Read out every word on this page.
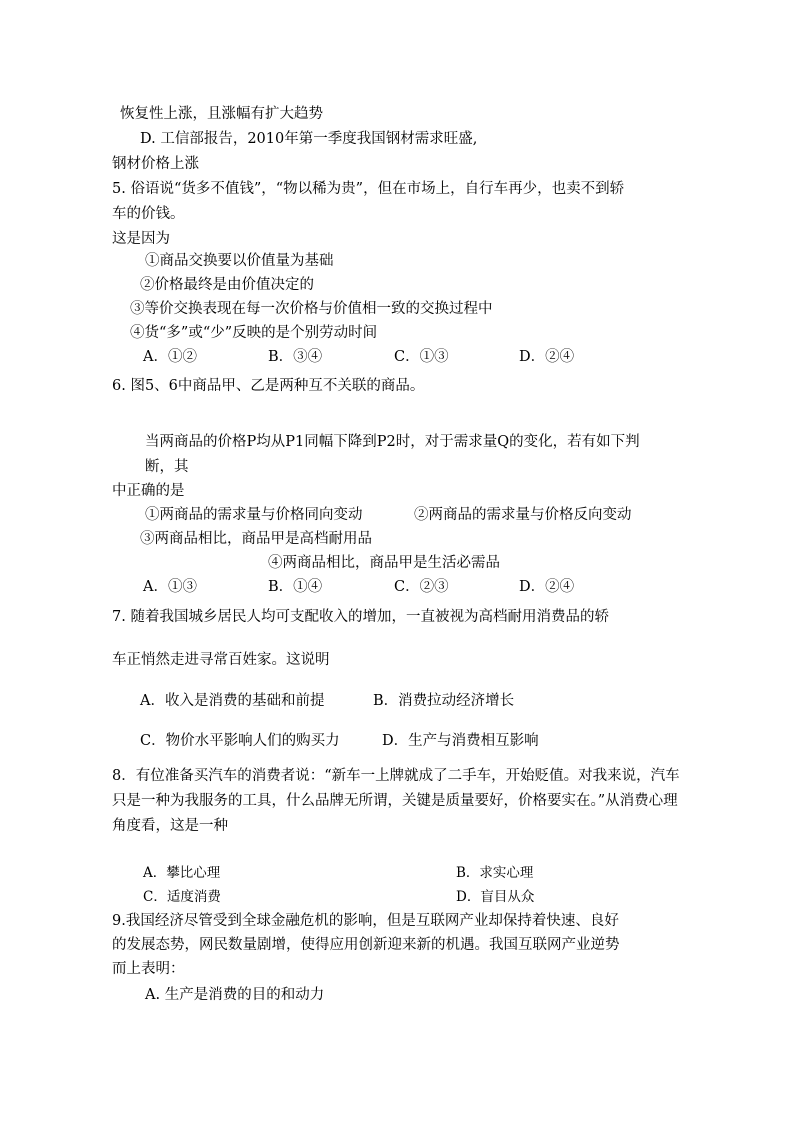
恢复性上涨，且涨幅有扩大趋势
D. 工信部报告，2010年第一季度我国钢材需求旺盛,
钢材价格上涨
5. 俗语说“货多不值钱”，“物以稀为贵”，但在市场上，自行车再少，也卖不到轿
车的价钱。
这是因为
①商品交换要以价值量为基础
②价格最终是由价值决定的
③等价交换表现在每一次价格与价值相一致的交换过程中
④货“多”或“少”反映的是个别劳动时间
A．①②	B．③④	C．①③	D．②④
6. 图5、6中商品甲、乙是两种互不关联的商品。
当两商品的价格P均从P1同幅下降到P2时，对于需求量Q的变化，若有如下判
断，其
中正确的是
①两商品的需求量与价格同向变动	②两商品的需求量与价格反向变动
③两商品相比，商品甲是高档耐用品
④两商品相比，商品甲是生活必需品
A．①③	B．①④	C．②③	D．②④
7. 随着我国城乡居民人均可支配收入的增加，一直被视为高档耐用消费品的轿
车正悄然走进寻常百姓家。这说明
A．收入是消费的基础和前提	B．消费拉动经济增长
C．物价水平影响人们的购买力	D．生产与消费相互影响
8．有位准备买汽车的消费者说：“新车一上牌就成了二手车，开始贬值。对我来说，汽车
只是一种为我服务的工具，什么品牌无所谓，关键是质量要好，价格要实在。”从消费心理
角度看，这是一种
A．攀比心理	B．求实心理
C．适度消费	D．盲目从众
9.我国经济尽管受到全球金融危机的影响，但是互联网产业却保持着快速、良好
的发展态势，网民数量剧增，使得应用创新迎来新的机遇。我国互联网产业逆势
而上表明：
A. 生产是消费的目的和动力
